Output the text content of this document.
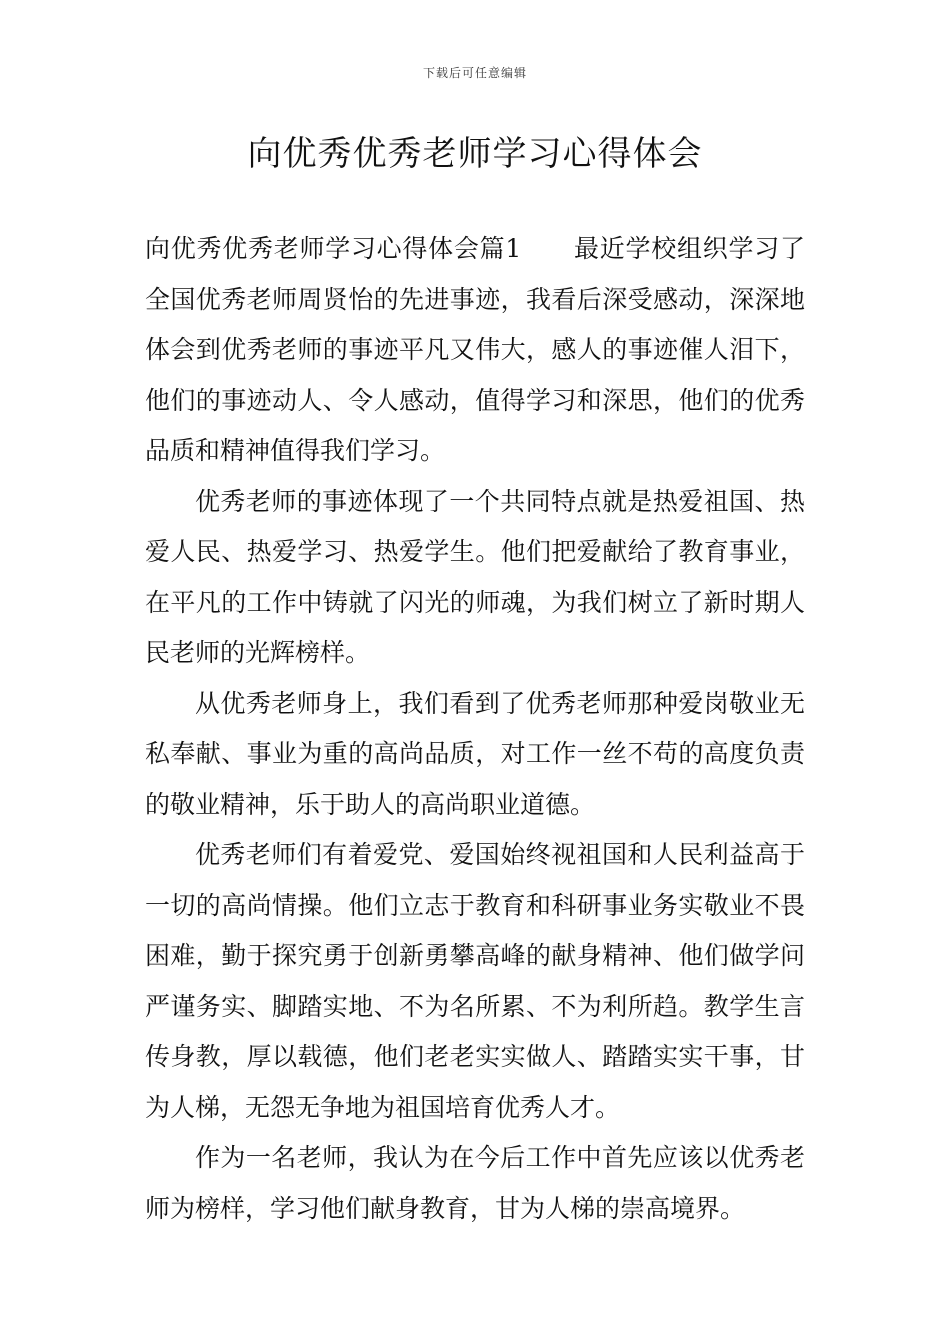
下载后可任意编辑
向优秀优秀老师学习心得体会

向优秀优秀老师学习心得体会篇1 最近学校组织学习了全国优秀老师周贤怡的先进事迹，我看后深受感动，深深地体会到优秀老师的事迹平凡又伟大，感人的事迹催人泪下，他们的事迹动人、令人感动，值得学习和深思，他们的优秀品质和精神值得我们学习。

优秀老师的事迹体现了一个共同特点就是热爱祖国、热爱人民、热爱学习、热爱学生。他们把爱献给了教育事业，在平凡的工作中铸就了闪光的师魂，为我们树立了新时期人民老师的光辉榜样。

从优秀老师身上，我们看到了优秀老师那种爱岗敬业无私奉献、事业为重的高尚品质，对工作一丝不苟的高度负责的敬业精神，乐于助人的高尚职业道德。

优秀老师们有着爱党、爱国始终视祖国和人民利益高于一切的高尚情操。他们立志于教育和科研事业务实敬业不畏困难，勤于探究勇于创新勇攀高峰的献身精神、他们做学问严谨务实、脚踏实地、不为名所累、不为利所趋。教学生言传身教，厚以载德，他们老老实实做人、踏踏实实干事，甘为人梯，无怨无争地为祖国培育优秀人才。

作为一名老师，我认为在今后工作中首先应该以优秀老师为榜样，学习他们献身教育，甘为人梯的崇高境界。
